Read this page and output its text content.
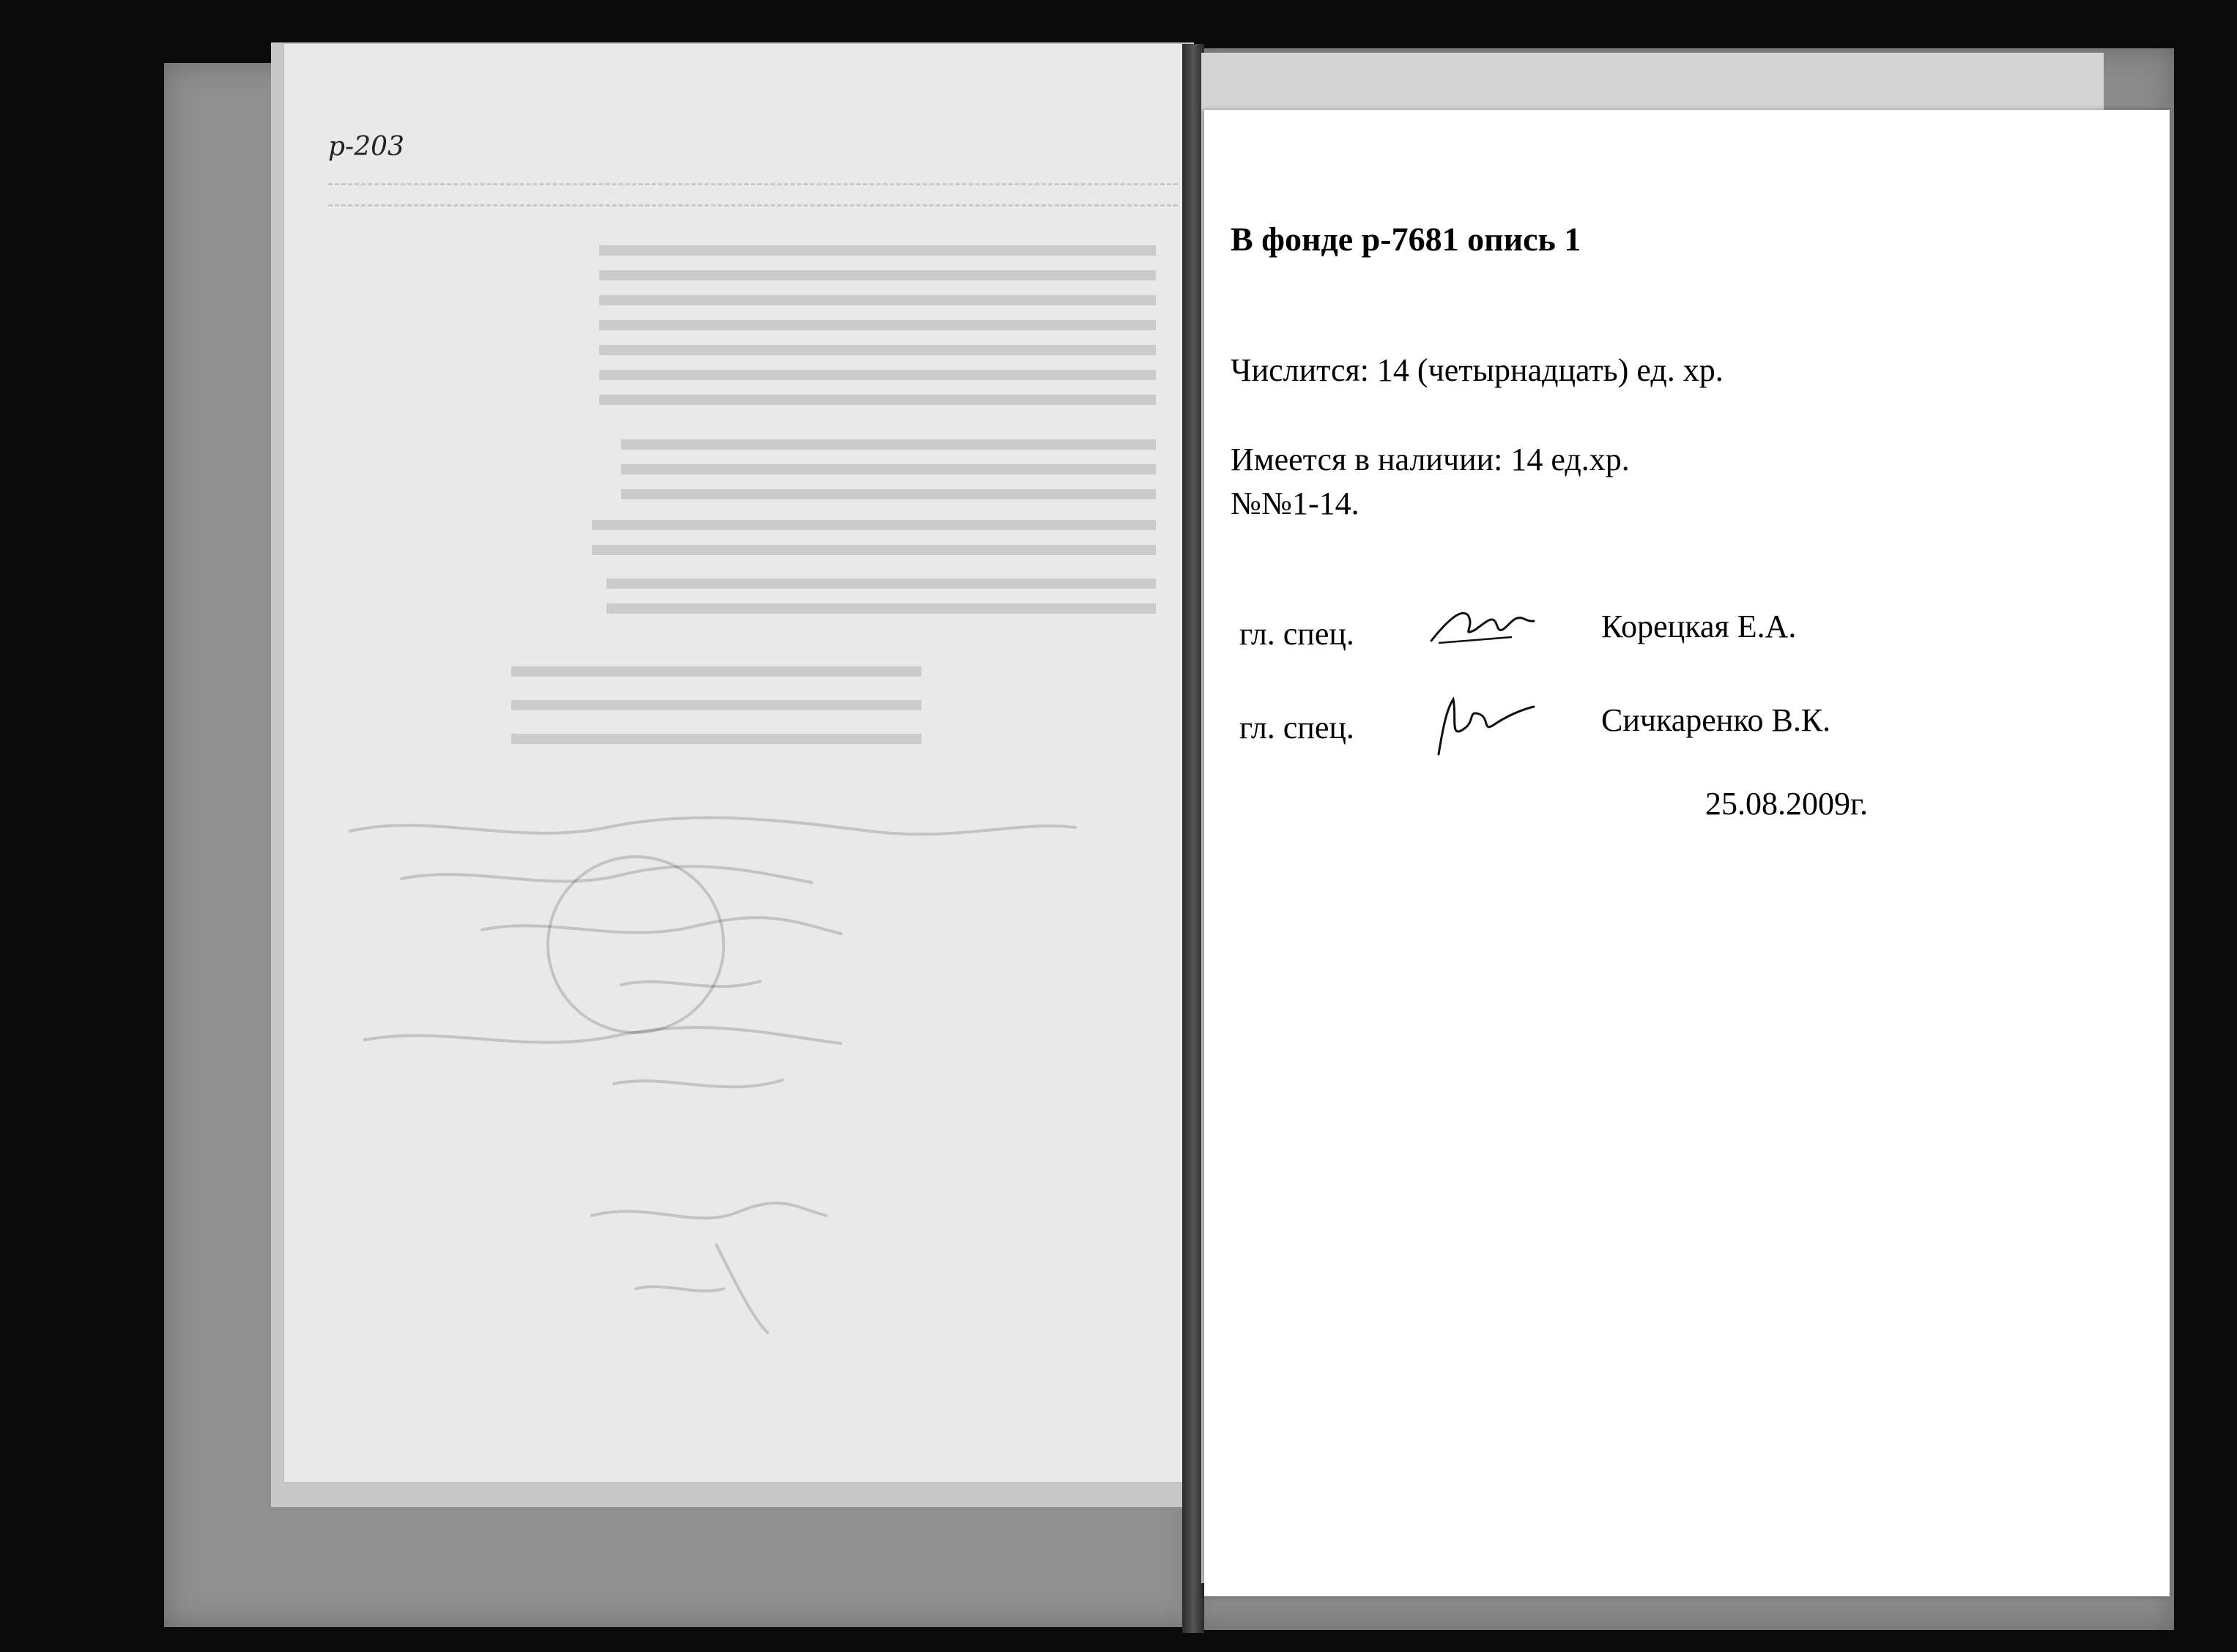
р-203
В фонде р-7681 опись 1
Числится: 14 (четырнадцать) ед. хр.
Имеется в наличии: 14 ед.хр.
№№1-14.
гл. спец.	Корецкая Е.А.
гл. спец.	Сичкаренко В.К.
25.08.2009г.
